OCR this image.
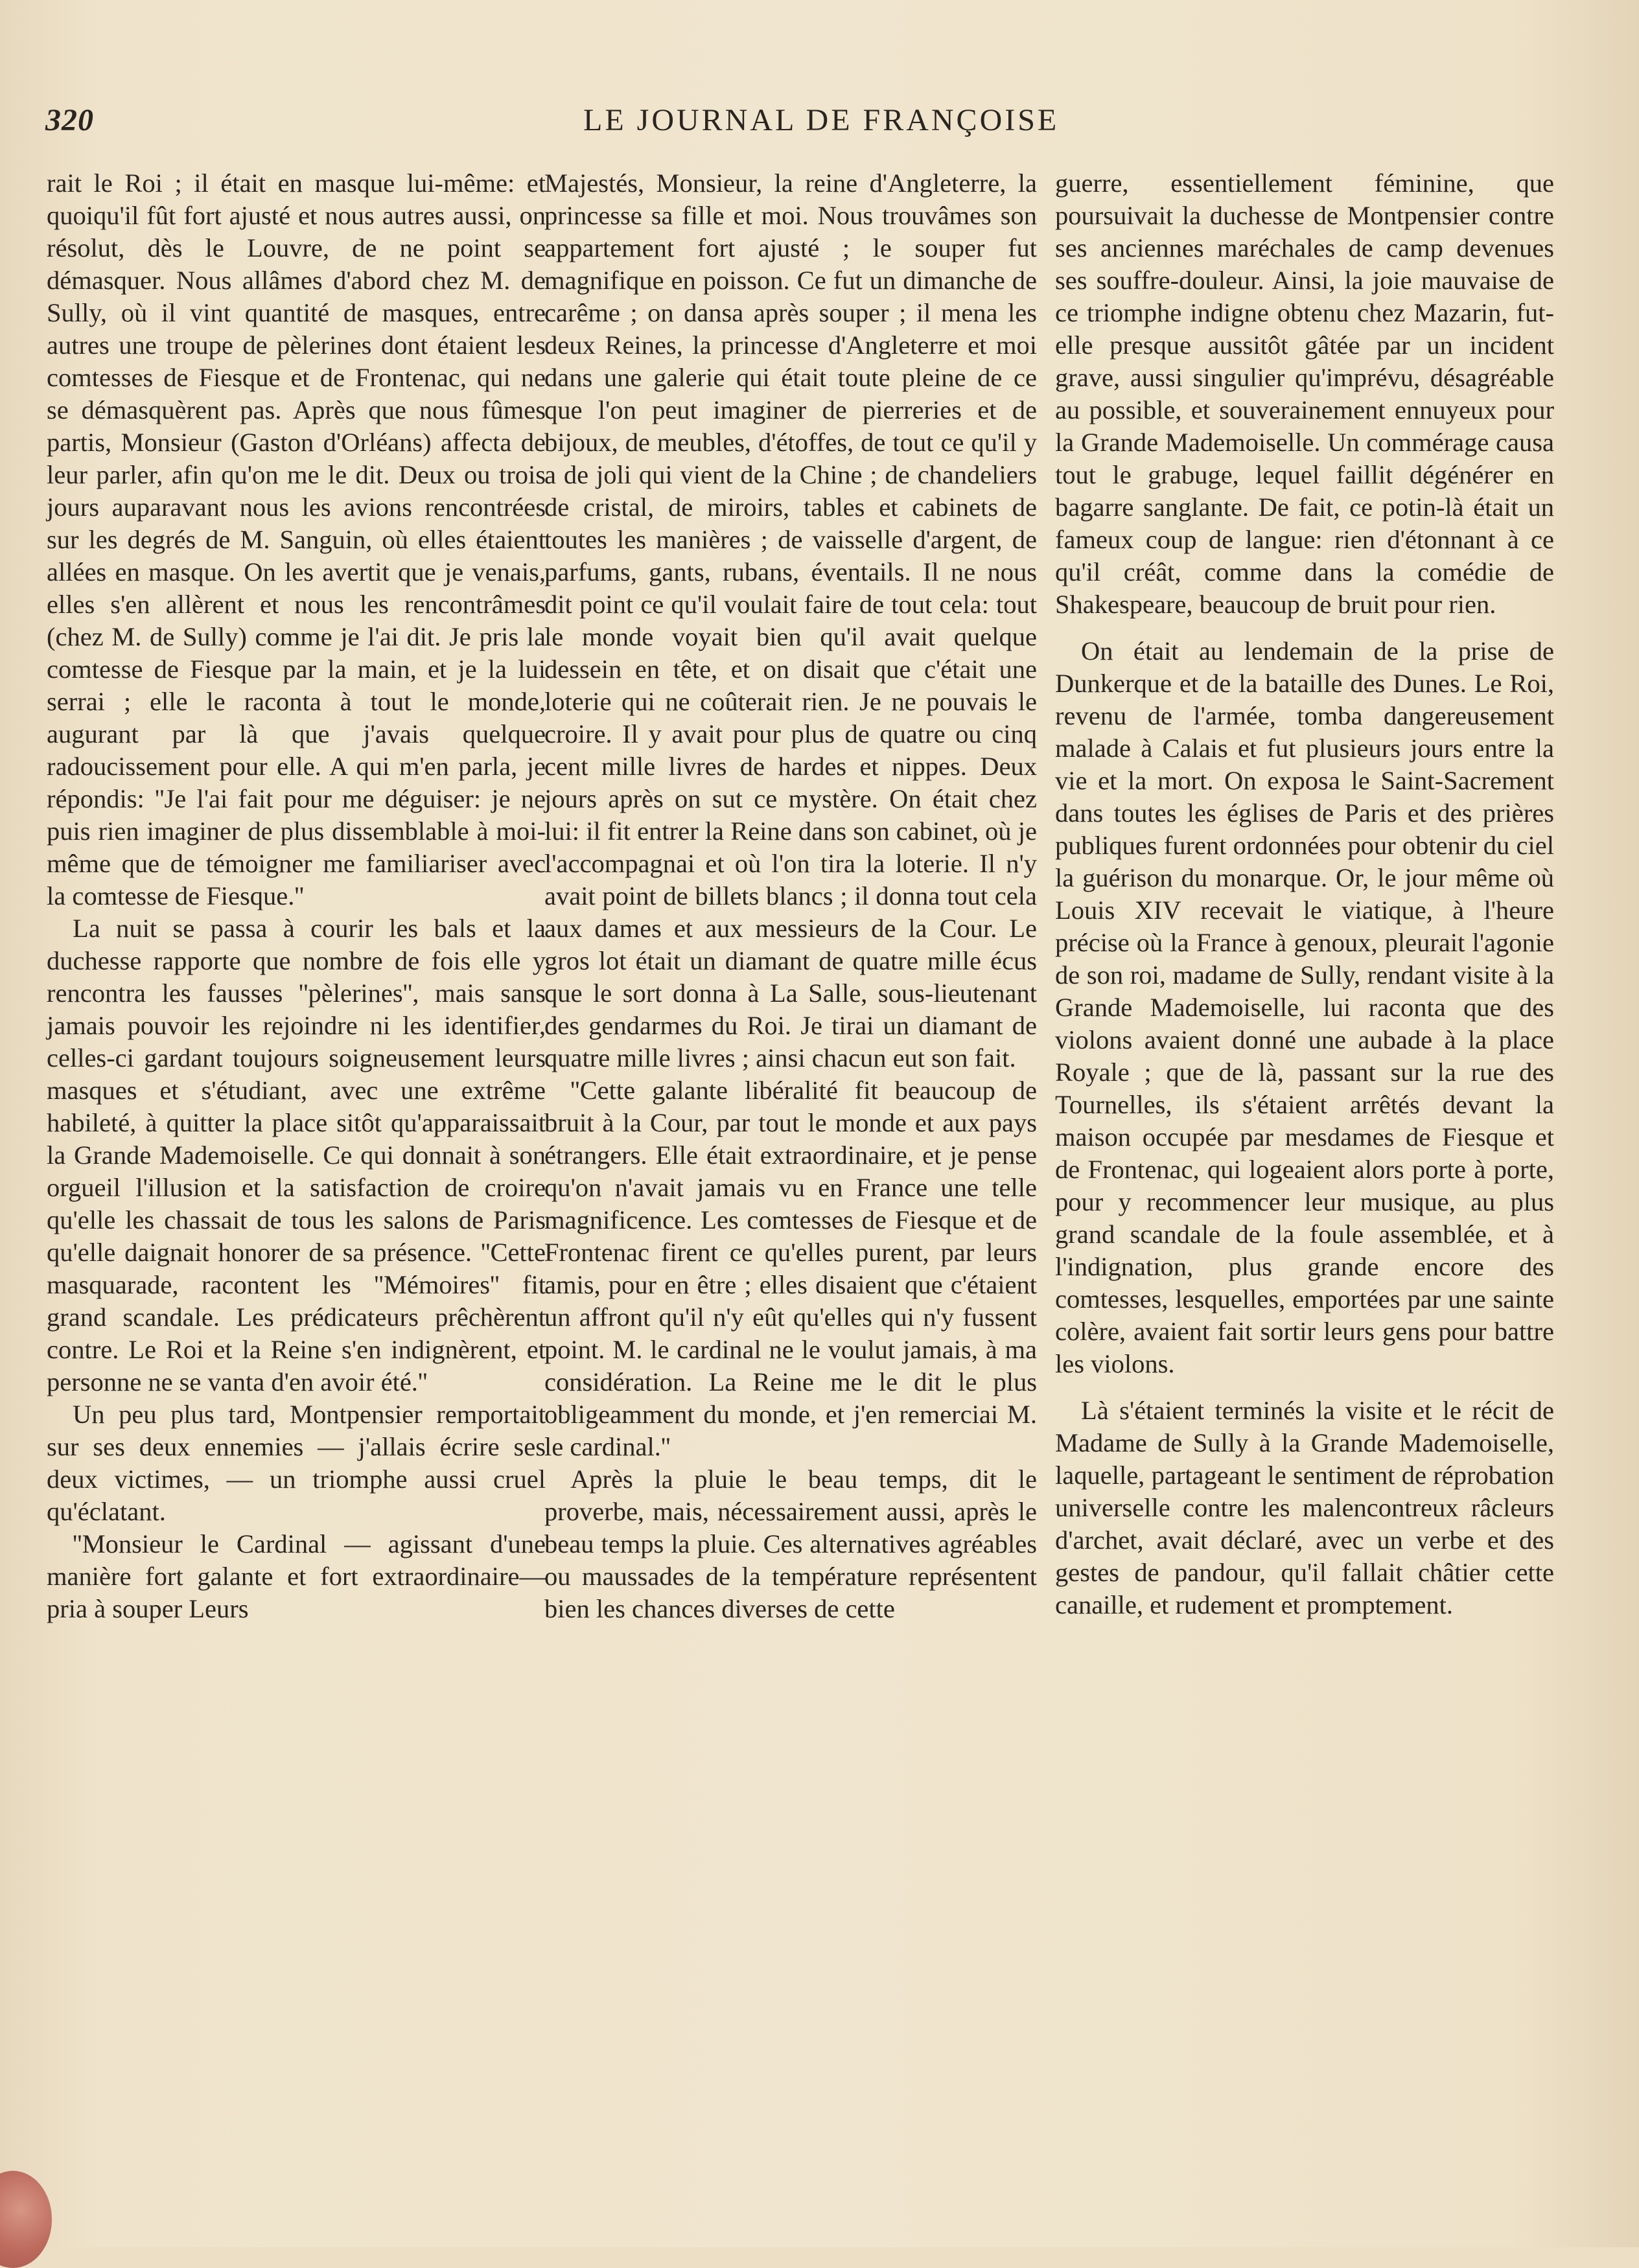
320	LE JOURNAL DE FRANÇOISE

rait le Roi ; il était en masque lui-même: et quoiqu'il fût fort ajusté et nous autres aussi, on résolut, dès le Louvre, de ne point se démasquer. Nous allâmes d'abord chez M. de Sully, où il vint quantité de masques, entre autres une troupe de pèlerines dont étaient les comtesses de Fiesque et de Frontenac, qui ne se démasquèrent pas. Après que nous fûmes partis, Monsieur (Gaston d'Orléans) affecta de leur parler, afin qu'on me le dit. Deux ou trois jours auparavant nous les avions rencontrées sur les degrés de M. Sanguin, où elles étaient allées en masque. On les avertit que je venais, elles s'en allèrent et nous les rencontrâmes (chez M. de Sully) comme je l'ai dit. Je pris la comtesse de Fiesque par la main, et je la lui serrai ; elle le raconta à tout le monde, augurant par là que j'avais quelque radoucissement pour elle. A qui m'en parla, je répondis: ''Je l'ai fait pour me déguiser: je ne puis rien imaginer de plus dissemblable à moi-même que de témoigner me familiariser avec la comtesse de Fiesque.''

La nuit se passa à courir les bals et la duchesse rapporte que nombre de fois elle y rencontra les fausses ''pèlerines'', mais sans jamais pouvoir les rejoindre ni les identifier, celles-ci gardant toujours soigneusement leurs masques et s'étudiant, avec une extrême habileté, à quitter la place sitôt qu'apparaissait la Grande Mademoiselle. Ce qui donnait à son orgueil l'illusion et la satisfaction de croire qu'elle les chassait de tous les salons de Paris qu'elle daignait honorer de sa présence. ''Cette masquarade, racontent les ''Mémoires'' fit grand scandale. Les prédicateurs prêchèrent contre. Le Roi et la Reine s'en indignèrent, et personne ne se vanta d'en avoir été.''

Un peu plus tard, Montpensier remportait sur ses deux ennemies — j'allais écrire ses deux victimes, — un triomphe aussi cruel qu'éclatant.

''Monsieur le Cardinal — agissant d'une manière fort galante et fort extraordinaire—pria à souper Leurs

Majestés, Monsieur, la reine d'Angleterre, la princesse sa fille et moi. Nous trouvâmes son appartement fort ajusté ; le souper fut magnifique en poisson. Ce fut un dimanche de carême ; on dansa après souper ; il mena les deux Reines, la princesse d'Angleterre et moi dans une galerie qui était toute pleine de ce que l'on peut imaginer de pierreries et de bijoux, de meubles, d'étoffes, de tout ce qu'il y a de joli qui vient de la Chine ; de chandeliers de cristal, de miroirs, tables et cabinets de toutes les manières ; de vaisselle d'argent, de parfums, gants, rubans, éventails. Il ne nous dit point ce qu'il voulait faire de tout cela: tout le monde voyait bien qu'il avait quelque dessein en tête, et on disait que c'était une loterie qui ne coûterait rien. Je ne pouvais le croire. Il y avait pour plus de quatre ou cinq cent mille livres de hardes et nippes. Deux jours après on sut ce mystère. On était chez lui: il fit entrer la Reine dans son cabinet, où je l'accompagnai et où l'on tira la loterie. Il n'y avait point de billets blancs ; il donna tout cela aux dames et aux messieurs de la Cour. Le gros lot était un diamant de quatre mille écus que le sort donna à La Salle, sous-lieutenant des gendarmes du Roi. Je tirai un diamant de quatre mille livres ; ainsi chacun eut son fait.

''Cette galante libéralité fit beaucoup de bruit à la Cour, par tout le monde et aux pays étrangers. Elle était extraordinaire, et je pense qu'on n'avait jamais vu en France une telle magnificence. Les comtesses de Fiesque et de Frontenac firent ce qu'elles purent, par leurs amis, pour en être ; elles disaient que c'étaient un affront qu'il n'y eût qu'elles qui n'y fussent point. M. le cardinal ne le voulut jamais, à ma considération. La Reine me le dit le plus obligeamment du monde, et j'en remerciai M. le cardinal.''

Après la pluie le beau temps, dit le proverbe, mais, nécessairement aussi, après le beau temps la pluie. Ces alternatives agréables ou maussades de la température représentent bien les chances diverses de cette

guerre, essentiellement féminine, que poursuivait la duchesse de Montpensier contre ses anciennes maréchales de camp devenues ses souffre-douleur. Ainsi, la joie mauvaise de ce triomphe indigne obtenu chez Mazarin, fut-elle presque aussitôt gâtée par un incident grave, aussi singulier qu'imprévu, désagréable au possible, et souverainement ennuyeux pour la Grande Mademoiselle. Un commérage causa tout le grabuge, lequel faillit dégénérer en bagarre sanglante. De fait, ce potin-là était un fameux coup de langue: rien d'étonnant à ce qu'il créât, comme dans la comédie de Shakespeare, beaucoup de bruit pour rien.

On était au lendemain de la prise de Dunkerque et de la bataille des Dunes. Le Roi, revenu de l'armée, tomba dangereusement malade à Calais et fut plusieurs jours entre la vie et la mort. On exposa le Saint-Sacrement dans toutes les églises de Paris et des prières publiques furent ordonnées pour obtenir du ciel la guérison du monarque. Or, le jour même où Louis XIV recevait le viatique, à l'heure précise où la France à genoux, pleurait l'agonie de son roi, madame de Sully, rendant visite à la Grande Mademoiselle, lui raconta que des violons avaient donné une aubade à la place Royale ; que de là, passant sur la rue des Tournelles, ils s'étaient arrêtés devant la maison occupée par mesdames de Fiesque et de Frontenac, qui logeaient alors porte à porte, pour y recommencer leur musique, au plus grand scandale de la foule assemblée, et à l'indignation, plus grande encore des comtesses, lesquelles, emportées par une sainte colère, avaient fait sortir leurs gens pour battre les violons.

Là s'étaient terminés la visite et le récit de Madame de Sully à la Grande Mademoiselle, laquelle, partageant le sentiment de réprobation universelle contre les malencontreux râcleurs d'archet, avait déclaré, avec un verbe et des gestes de pandour, qu'il fallait châtier cette canaille, et rudement et promptement.
